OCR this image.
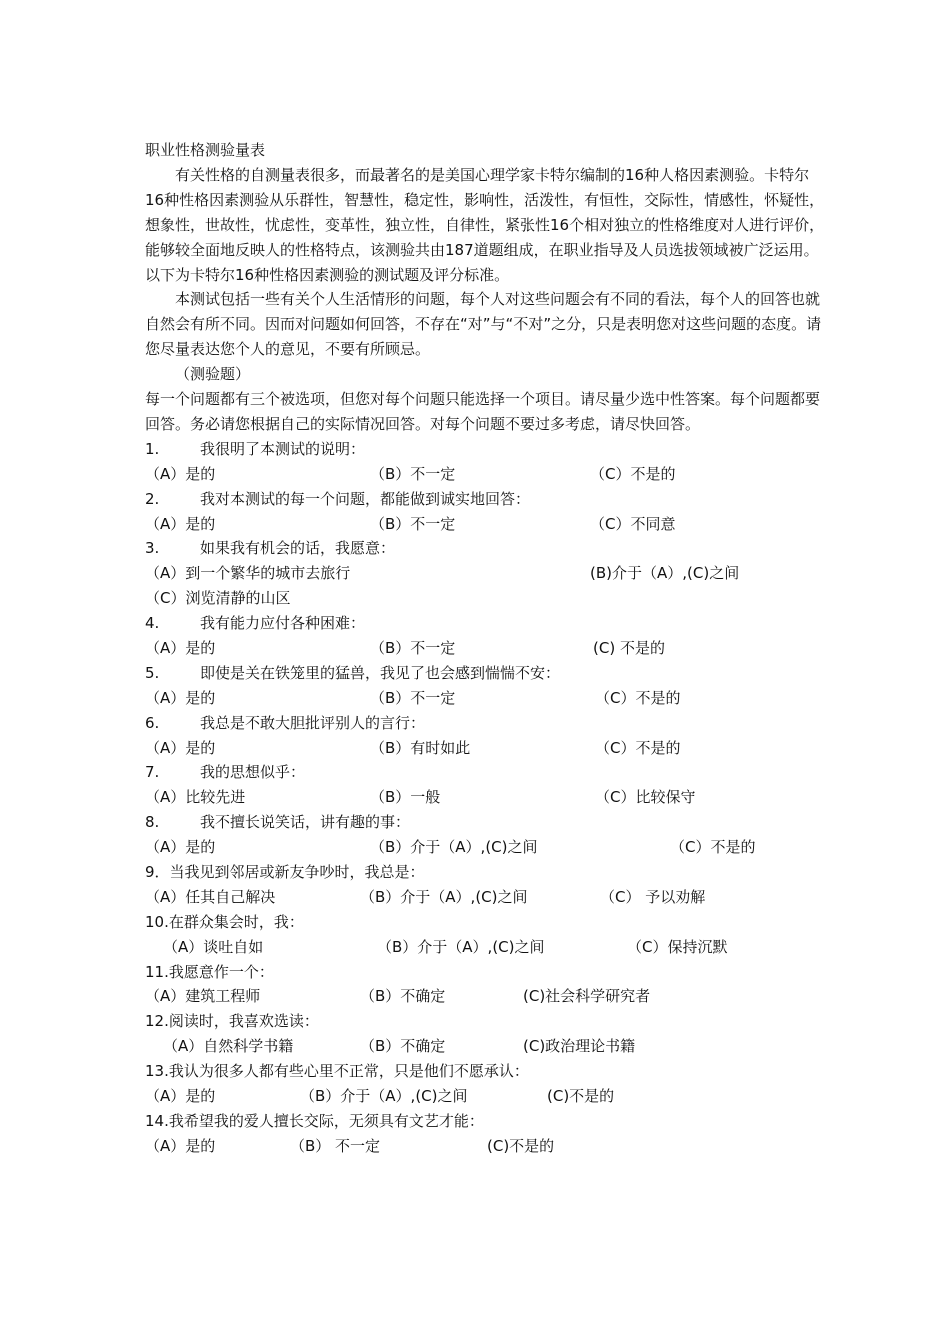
职业性格测验量表
有关性格的自测量表很多，而最著名的是美国心理学家卡特尔编制的16种人格因素测验。卡特尔16种性格因素测验从乐群性，智慧性，稳定性，影响性，活泼性，有恒性，交际性，情感性，怀疑性，想象性，世故性，忧虑性，变革性，独立性，自律性，紧张性16个相对独立的性格维度对人进行评价，能够较全面地反映人的性格特点，该测验共由187道题组成，在职业指导及人员选拔领域被广泛运用。以下为卡特尔16种性格因素测验的测试题及评分标准。
本测试包括一些有关个人生活情形的问题，每个人对这些问题会有不同的看法，每个人的回答也就自然会有所不同。因而对问题如何回答，不存在“对”与“不对”之分，只是表明您对这些问题的态度。请您尽量表达您个人的意见，不要有所顾忌。
（测验题）
每一个问题都有三个被选项，但您对每个问题只能选择一个项目。请尽量少选中性答案。每个问题都要回答。务必请您根据自己的实际情况回答。对每个问题不要过多考虑，请尽快回答。
1.	我很明了本测试的说明：
（A）是的	（B）不一定	（C）不是的
2.	我对本测试的每一个问题，都能做到诚实地回答：
（A）是的	（B）不一定	（C）不同意
3.	如果我有机会的话，我愿意：
（A）到一个繁华的城市去旅行	(B)介于（A）,(C)之间
（C）浏览清静的山区
4.	我有能力应付各种困难：
（A）是的	（B）不一定	(C) 不是的
5.	即使是关在铁笼里的猛兽，我见了也会感到惴惴不安：
（A）是的	（B）不一定	（C）不是的
6.	我总是不敢大胆批评别人的言行：
（A）是的	（B）有时如此	（C）不是的
7.	我的思想似乎：
（A）比较先进	（B）一般	（C）比较保守
8.	我不擅长说笑话，讲有趣的事：
（A）是的	（B）介于（A）,(C)之间	（C）不是的
9．当我见到邻居或新友争吵时，我总是：
（A）任其自己解决	（B）介于（A）,(C)之间	（C） 予以劝解
10.在群众集会时，我：
（A）谈吐自如	（B）介于（A）,(C)之间	（C）保持沉默
11.我愿意作一个：
（A）建筑工程师	（B）不确定	(C)社会科学研究者
12.阅读时，我喜欢选读：
（A）自然科学书籍	（B）不确定	(C)政治理论书籍
13.我认为很多人都有些心里不正常，只是他们不愿承认：
（A）是的	（B）介于（A）,(C)之间	(C)不是的
14.我希望我的爱人擅长交际，无须具有文艺才能：
（A）是的	（B） 不一定	(C)不是的
